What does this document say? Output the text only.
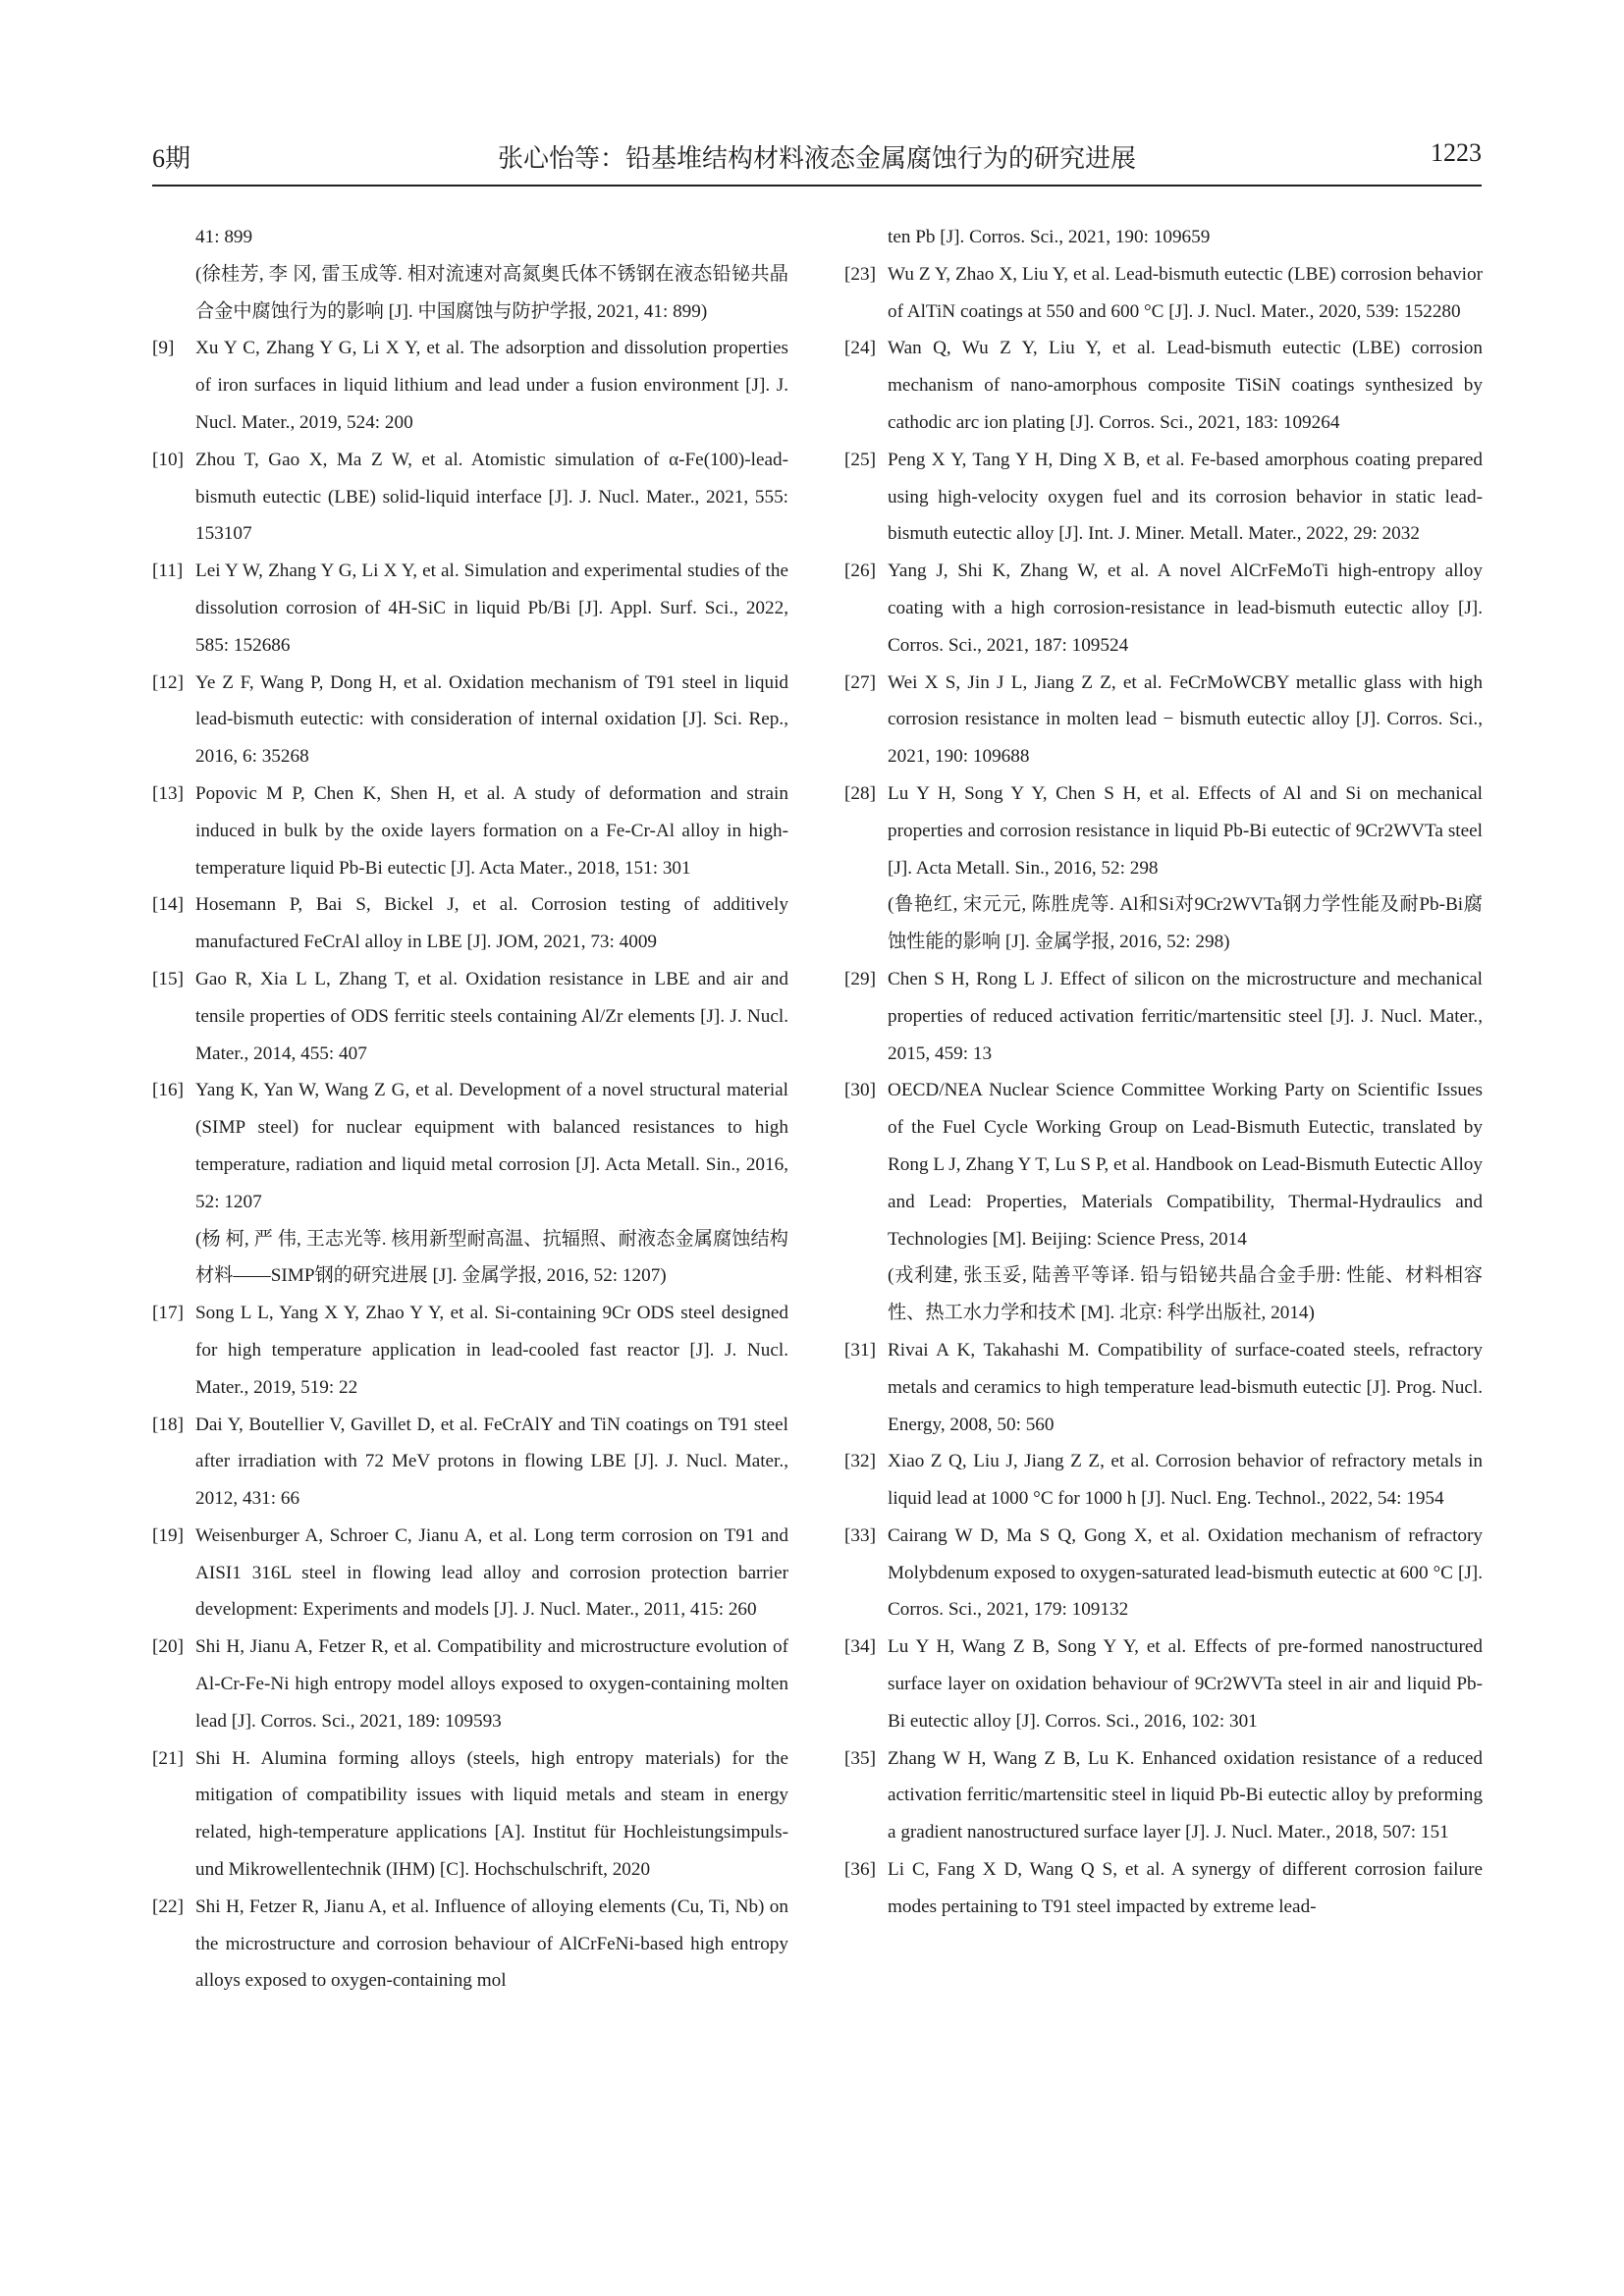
6期	张心怡等：铅基堆结构材料液态金属腐蚀行为的研究进展	1223
41: 899
(徐桂芳, 李 冈, 雷玉成等. 相对流速对高氮奥氏体不锈钢在液态铅铋共晶合金中腐蚀行为的影响 [J]. 中国腐蚀与防护学报, 2021, 41: 899)
[9] Xu Y C, Zhang Y G, Li X Y, et al. The adsorption and dissolution properties of iron surfaces in liquid lithium and lead under a fusion environment [J]. J. Nucl. Mater., 2019, 524: 200
[10] Zhou T, Gao X, Ma Z W, et al. Atomistic simulation of α-Fe(100)-lead-bismuth eutectic (LBE) solid-liquid interface [J]. J. Nucl. Mater., 2021, 555: 153107
[11] Lei Y W, Zhang Y G, Li X Y, et al. Simulation and experimental studies of the dissolution corrosion of 4H-SiC in liquid Pb/Bi [J]. Appl. Surf. Sci., 2022, 585: 152686
[12] Ye Z F, Wang P, Dong H, et al. Oxidation mechanism of T91 steel in liquid lead-bismuth eutectic: with consideration of internal oxidation [J]. Sci. Rep., 2016, 6: 35268
[13] Popovic M P, Chen K, Shen H, et al. A study of deformation and strain induced in bulk by the oxide layers formation on a Fe-Cr-Al alloy in high-temperature liquid Pb-Bi eutectic [J]. Acta Mater., 2018, 151: 301
[14] Hosemann P, Bai S, Bickel J, et al. Corrosion testing of additively manufactured FeCrAl alloy in LBE [J]. JOM, 2021, 73: 4009
[15] Gao R, Xia L L, Zhang T, et al. Oxidation resistance in LBE and air and tensile properties of ODS ferritic steels containing Al/Zr elements [J]. J. Nucl. Mater., 2014, 455: 407
[16] Yang K, Yan W, Wang Z G, et al. Development of a novel structural material (SIMP steel) for nuclear equipment with balanced resistances to high temperature, radiation and liquid metal corrosion [J]. Acta Metall. Sin., 2016, 52: 1207
(杨 柯, 严 伟, 王志光等. 核用新型耐高温、抗辐照、耐液态金属腐蚀结构材料——SIMP钢的研究进展 [J]. 金属学报, 2016, 52: 1207)
[17] Song L L, Yang X Y, Zhao Y Y, et al. Si-containing 9Cr ODS steel designed for high temperature application in lead-cooled fast reactor [J]. J. Nucl. Mater., 2019, 519: 22
[18] Dai Y, Boutellier V, Gavillet D, et al. FeCrAlY and TiN coatings on T91 steel after irradiation with 72 MeV protons in flowing LBE [J]. J. Nucl. Mater., 2012, 431: 66
[19] Weisenburger A, Schroer C, Jianu A, et al. Long term corrosion on T91 and AISI1 316L steel in flowing lead alloy and corrosion protection barrier development: Experiments and models [J]. J. Nucl. Mater., 2011, 415: 260
[20] Shi H, Jianu A, Fetzer R, et al. Compatibility and microstructure evolution of Al-Cr-Fe-Ni high entropy model alloys exposed to oxygen-containing molten lead [J]. Corros. Sci., 2021, 189: 109593
[21] Shi H. Alumina forming alloys (steels, high entropy materials) for the mitigation of compatibility issues with liquid metals and steam in energy related, high-temperature applications [A]. Institut für Hochleistungsimpuls- und Mikrowellentechnik (IHM) [C]. Hochschulschrift, 2020
[22] Shi H, Fetzer R, Jianu A, et al. Influence of alloying elements (Cu, Ti, Nb) on the microstructure and corrosion behaviour of AlCrFeNi-based high entropy alloys exposed to oxygen-containing mol
ten Pb [J]. Corros. Sci., 2021, 190: 109659
[23] Wu Z Y, Zhao X, Liu Y, et al. Lead-bismuth eutectic (LBE) corrosion behavior of AlTiN coatings at 550 and 600 °C [J]. J. Nucl. Mater., 2020, 539: 152280
[24] Wan Q, Wu Z Y, Liu Y, et al. Lead-bismuth eutectic (LBE) corrosion mechanism of nano-amorphous composite TiSiN coatings synthesized by cathodic arc ion plating [J]. Corros. Sci., 2021, 183: 109264
[25] Peng X Y, Tang Y H, Ding X B, et al. Fe-based amorphous coating prepared using high-velocity oxygen fuel and its corrosion behavior in static lead-bismuth eutectic alloy [J]. Int. J. Miner. Metall. Mater., 2022, 29: 2032
[26] Yang J, Shi K, Zhang W, et al. A novel AlCrFeMoTi high-entropy alloy coating with a high corrosion-resistance in lead-bismuth eutectic alloy [J]. Corros. Sci., 2021, 187: 109524
[27] Wei X S, Jin J L, Jiang Z Z, et al. FeCrMoWCBY metallic glass with high corrosion resistance in molten lead − bismuth eutectic alloy [J]. Corros. Sci., 2021, 190: 109688
[28] Lu Y H, Song Y Y, Chen S H, et al. Effects of Al and Si on mechanical properties and corrosion resistance in liquid Pb-Bi eutectic of 9Cr2WVTa steel [J]. Acta Metall. Sin., 2016, 52: 298
(鲁艳红, 宋元元, 陈胜虎等. Al和Si对9Cr2WVTa钢力学性能及耐Pb-Bi腐蚀性能的影响 [J]. 金属学报, 2016, 52: 298)
[29] Chen S H, Rong L J. Effect of silicon on the microstructure and mechanical properties of reduced activation ferritic/martensitic steel [J]. J. Nucl. Mater., 2015, 459: 13
[30] OECD/NEA Nuclear Science Committee Working Party on Scientific Issues of the Fuel Cycle Working Group on Lead-Bismuth Eutectic, translated by Rong L J, Zhang Y T, Lu S P, et al. Handbook on Lead-Bismuth Eutectic Alloy and Lead: Properties, Materials Compatibility, Thermal-Hydraulics and Technologies [M]. Beijing: Science Press, 2014
(戎利建, 张玉妥, 陆善平等译. 铅与铅铋共晶合金手册: 性能、材料相容性、热工水力学和技术 [M]. 北京: 科学出版社, 2014)
[31] Rivai A K, Takahashi M. Compatibility of surface-coated steels, refractory metals and ceramics to high temperature lead-bismuth eutectic [J]. Prog. Nucl. Energy, 2008, 50: 560
[32] Xiao Z Q, Liu J, Jiang Z Z, et al. Corrosion behavior of refractory metals in liquid lead at 1000 °C for 1000 h [J]. Nucl. Eng. Technol., 2022, 54: 1954
[33] Cairang W D, Ma S Q, Gong X, et al. Oxidation mechanism of refractory Molybdenum exposed to oxygen-saturated lead-bismuth eutectic at 600 °C [J]. Corros. Sci., 2021, 179: 109132
[34] Lu Y H, Wang Z B, Song Y Y, et al. Effects of pre-formed nanostructured surface layer on oxidation behaviour of 9Cr2WVTa steel in air and liquid Pb-Bi eutectic alloy [J]. Corros. Sci., 2016, 102: 301
[35] Zhang W H, Wang Z B, Lu K. Enhanced oxidation resistance of a reduced activation ferritic/martensitic steel in liquid Pb-Bi eutectic alloy by preforming a gradient nanostructured surface layer [J]. J. Nucl. Mater., 2018, 507: 151
[36] Li C, Fang X D, Wang Q S, et al. A synergy of different corrosion failure modes pertaining to T91 steel impacted by extreme lead-
